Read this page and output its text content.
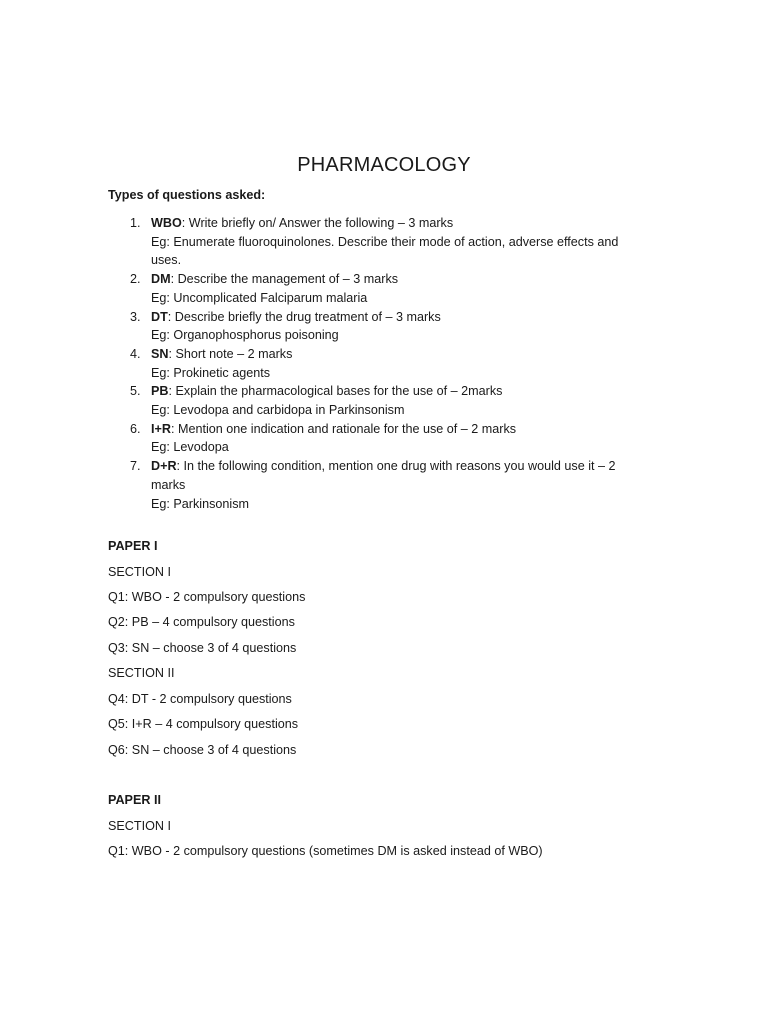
PHARMACOLOGY
Types of questions asked:
1. WBO: Write briefly on/ Answer the following – 3 marks
Eg: Enumerate fluoroquinolones. Describe their mode of action, adverse effects and uses.
2. DM: Describe the management of – 3 marks
Eg: Uncomplicated Falciparum malaria
3. DT: Describe briefly the drug treatment of – 3 marks
Eg: Organophosphorus poisoning
4. SN: Short note – 2 marks
Eg: Prokinetic agents
5. PB: Explain the pharmacological bases for the use of – 2marks
Eg: Levodopa and carbidopa in Parkinsonism
6. I+R: Mention one indication and rationale for the use of – 2 marks
Eg: Levodopa
7. D+R: In the following condition, mention one drug with reasons you would use it – 2 marks
Eg: Parkinsonism
PAPER I
SECTION I
Q1: WBO - 2 compulsory questions
Q2: PB – 4 compulsory questions
Q3: SN – choose 3 of 4 questions
SECTION II
Q4: DT - 2 compulsory questions
Q5: I+R – 4 compulsory questions
Q6: SN – choose 3 of 4 questions
PAPER II
SECTION I
Q1: WBO - 2 compulsory questions (sometimes DM is asked instead of WBO)
